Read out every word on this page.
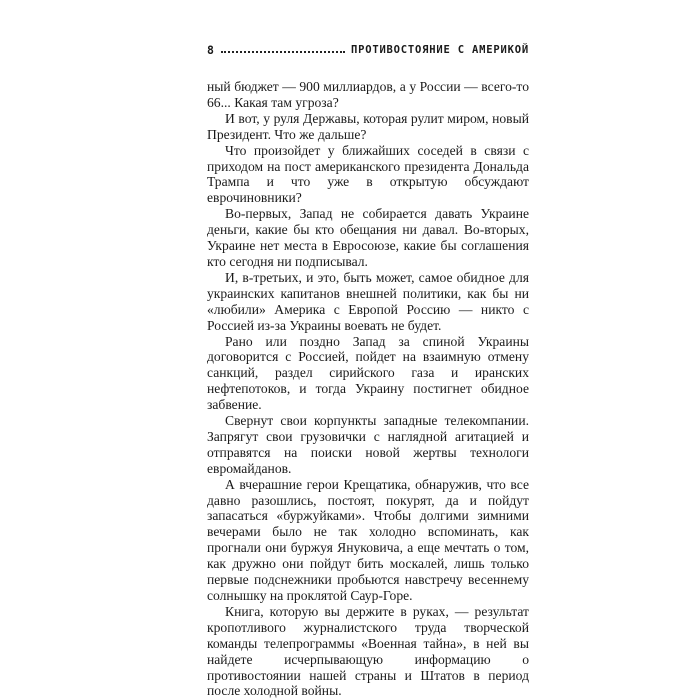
8	ПРОТИВОСТОЯНИЕ С АМЕРИКОЙ

ный бюджет — 900 миллиардов, а у России — всего-то 66... Какая там угроза?

И вот, у руля Державы, которая рулит миром, новый Президент. Что же дальше?

Что произойдет у ближайших соседей в связи с приходом на пост американского президента Дональда Трампа и что уже в открытую обсуждают еврочиновники?

Во-первых, Запад не собирается давать Украине деньги, какие бы кто обещания ни давал. Во-вторых, Украине нет места в Евросоюзе, какие бы соглашения кто сегодня ни подписывал.

И, в-третьих, и это, быть может, самое обидное для украинских капитанов внешней политики, как бы ни «любили» Америка с Европой Россию — никто с Россией из-за Украины воевать не будет.

Рано или поздно Запад за спиной Украины договорится с Россией, пойдет на взаимную отмену санкций, раздел сирийского газа и иранских нефтепотоков, и тогда Украину постигнет обидное забвение.

Свернут свои корпункты западные телекомпании. Запрягут свои грузовички с наглядной агитацией и отправятся на поиски новой жертвы технологи евромайданов.

А вчерашние герои Крещатика, обнаружив, что все давно разошлись, постоят, покурят, да и пойдут запасаться «буржуйками». Чтобы долгими зимними вечерами было не так холодно вспоминать, как прогнали они буржуя Януковича, а еще мечтать о том, как дружно они пойдут бить москалей, лишь только первые подснежники пробьются навстречу весеннему солнышку на проклятой Саур-Горе.

Книга, которую вы держите в руках, — результат кропотливого журналистского труда творческой команды телепрограммы «Военная тайна», в ней вы найдете исчерпывающую информацию о противостоянии нашей страны и Штатов в период после холодной войны.
